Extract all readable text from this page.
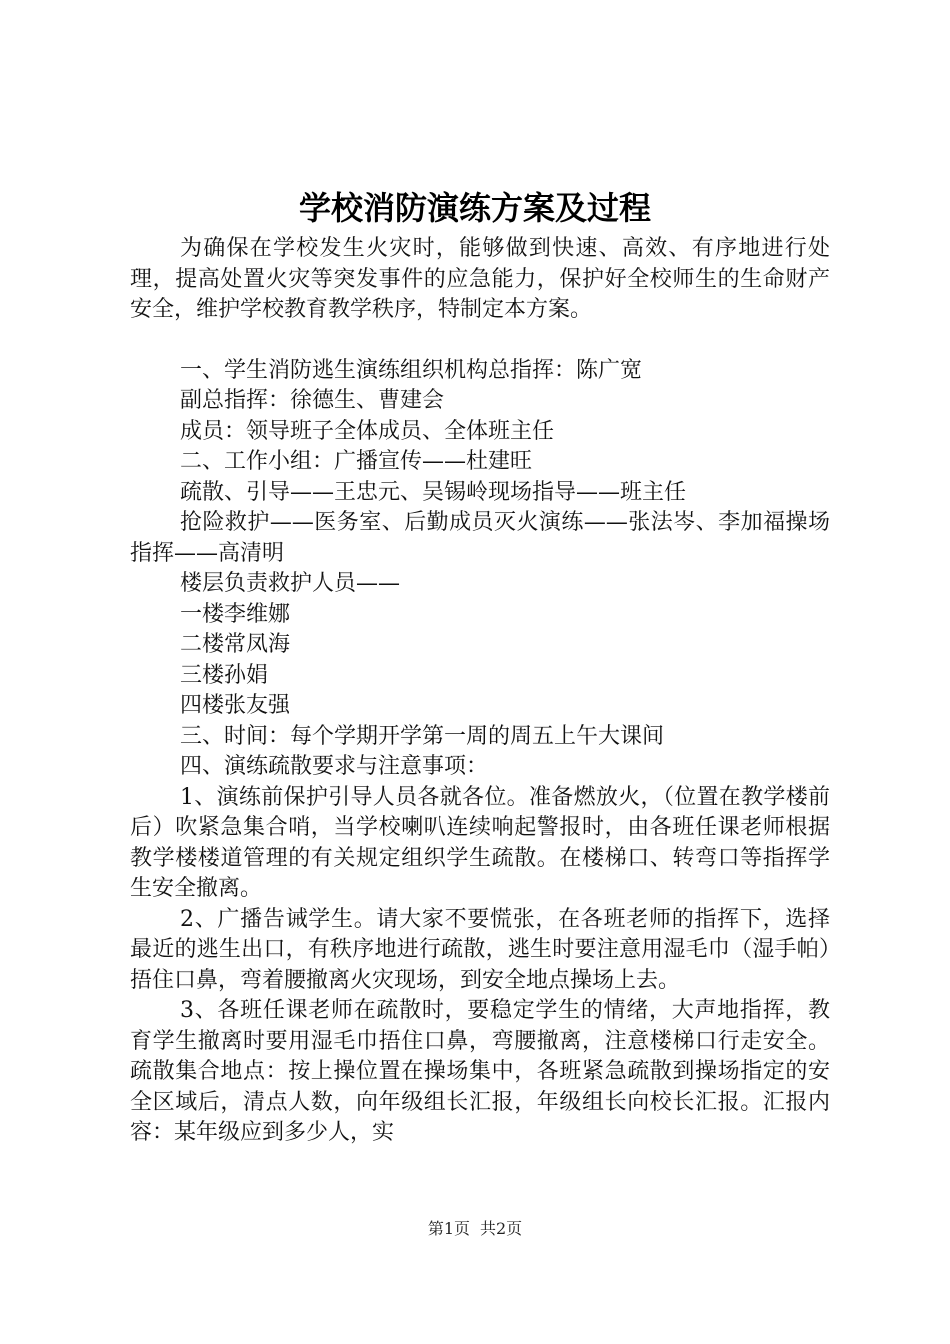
学校消防演练方案及过程

为确保在学校发生火灾时，能够做到快速、高效、有序地进行处理，提高处置火灾等突发事件的应急能力，保护好全校师生的生命财产安全，维护学校教育教学秩序，特制定本方案。

一、学生消防逃生演练组织机构总指挥：陈广宽

副总指挥：徐德生、曹建会

成员：领导班子全体成员、全体班主任

二、工作小组：广播宣传——杜建旺

疏散、引导——王忠元、吴锡岭现场指导——班主任

抢险救护——医务室、后勤成员灭火演练——张法岑、李加福操场指挥——高清明

楼层负责救护人员——

一楼李维娜

二楼常凤海

三楼孙娟

四楼张友强

三、时间：每个学期开学第一周的周五上午大课间

四、演练疏散要求与注意事项：

1、演练前保护引导人员各就各位。准备燃放火，（位置在教学楼前后）吹紧急集合哨，当学校喇叭连续响起警报时，由各班任课老师根据教学楼楼道管理的有关规定组织学生疏散。在楼梯口、转弯口等指挥学生安全撤离。

2、广播告诫学生。请大家不要慌张，在各班老师的指挥下，选择最近的逃生出口，有秩序地进行疏散，逃生时要注意用湿毛巾（湿手帕）捂住口鼻，弯着腰撤离火灾现场，到安全地点操场上去。

3、各班任课老师在疏散时，要稳定学生的情绪，大声地指挥，教育学生撤离时要用湿毛巾捂住口鼻，弯腰撤离，注意楼梯口行走安全。疏散集合地点：按上操位置在操场集中，各班紧急疏散到操场指定的安全区域后，清点人数，向年级组长汇报，年级组长向校长汇报。汇报内容：某年级应到多少人，实

第1页 共2页
